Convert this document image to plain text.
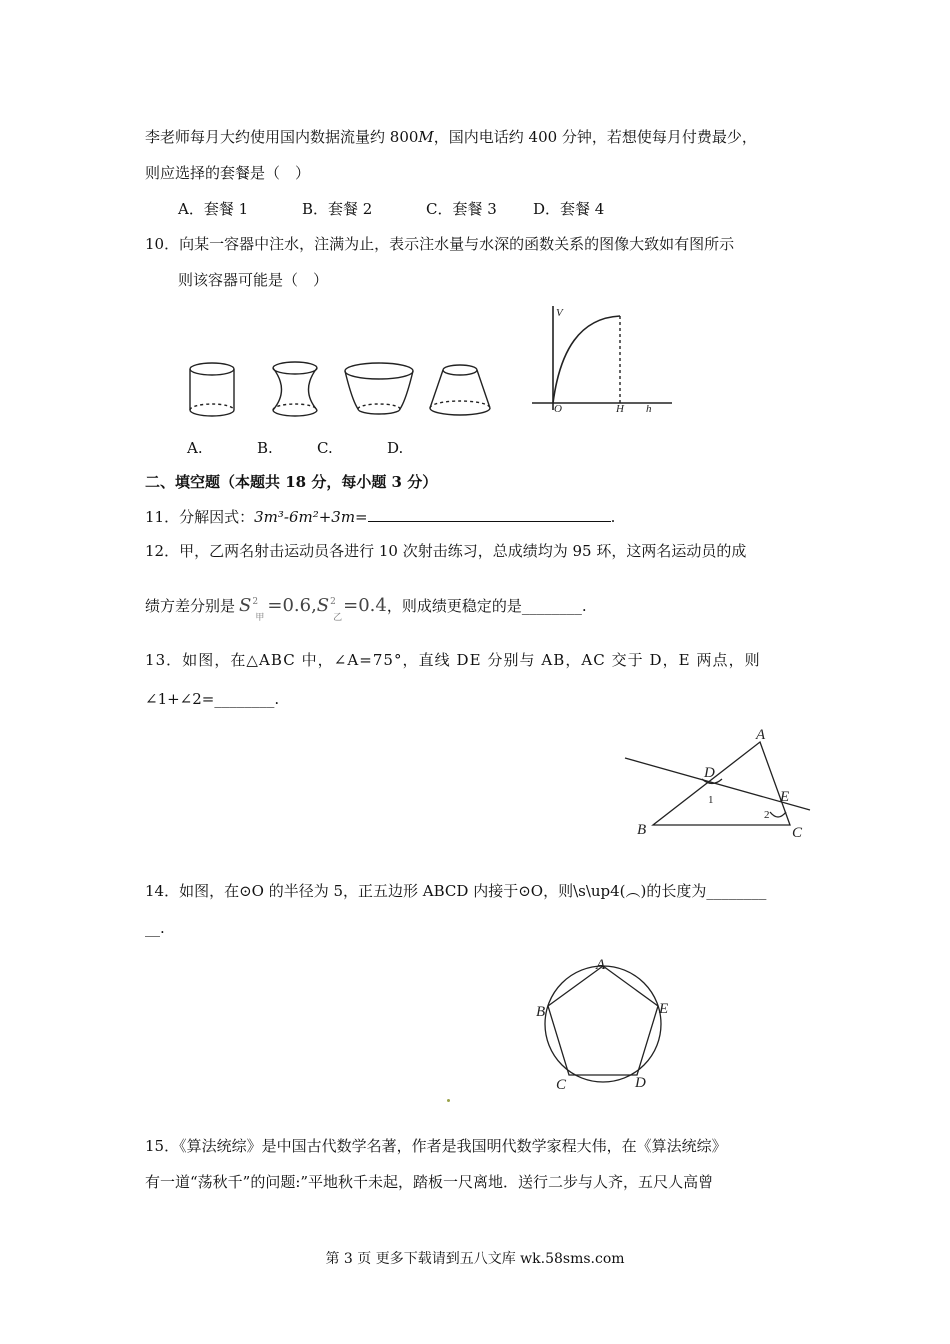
李老师每月大约使用国内数据流量约 800M，国内电话约 400 分钟，若想使每月付费最少，
则应选择的套餐是（　）
A．套餐 1	B．套餐 2	C．套餐 3 D．套餐 4
10．向某一容器中注水，注满为止，表示注水量与水深的函数关系的图像大致如有图所示
则该容器可能是（　）
V
O	H h
A.	B.	C.	D.
二、填空题（本题共 18 分，每小题 3 分）
11．分解因式：3m³-6m²+3m=	.
12．甲，乙两名射击运动员各进行 10 次射击练习，总成绩均为 95 环，这两名运动员的成
绩方差分别是 S 2
甲
=0.6,S 2
乙
=0.4，则成绩更稳定的是________.
13．如图，在△ABC 中，∠A=75°，直线 DE 分别与 AB，AC 交于 D，E 两点，则
∠1+∠2=________.
A
D
E
B	C
1
2
14．如图，在⊙O 的半径为 5，正五边形 ABCD 内接于⊙O，则\s\up4(︵)的长度为________
__.
A
E
B
C	D
15．《算法统综》是中国古代数学名著，作者是我国明代数学家程大伟，在《算法统综》
有一道“荡秋千”的问题:”平地秋千未起，踏板一尺离地．送行二步与人齐，五尺人高曾
第 3 页 更多下载请到五八文库 wk.58sms.com
